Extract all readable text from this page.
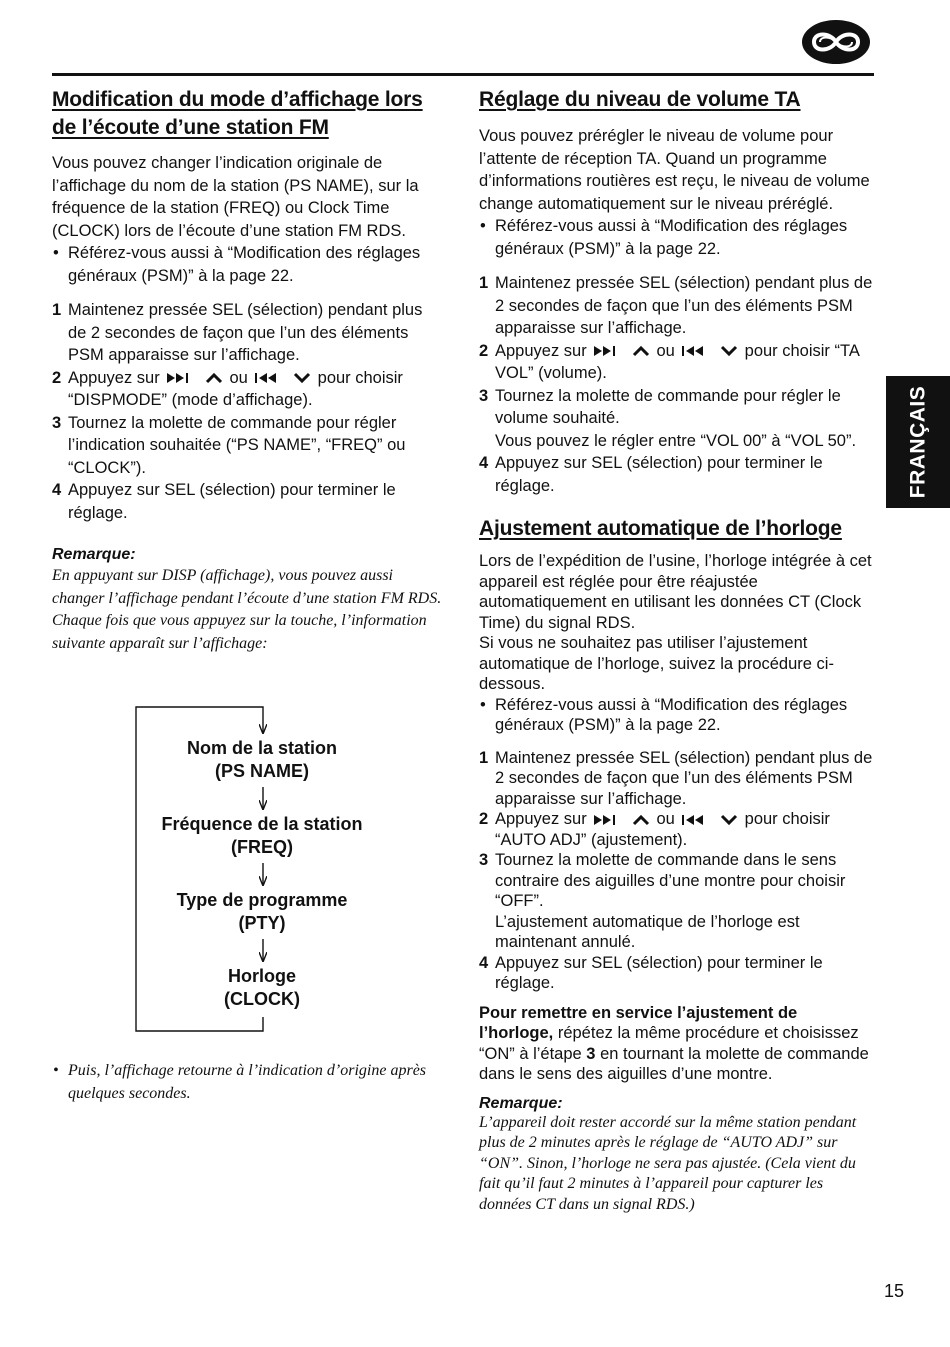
FRANÇAIS
Modification du mode d’affichage lors
de l’écoute d’une station FM

Vous pouvez changer l’indication originale de l’affichage du nom de la station (PS NAME), sur la fréquence de la station (FREQ) ou Clock Time (CLOCK) lors de l’écoute d’une station FM RDS.

• Référez-vous aussi à “Modification des réglages généraux (PSM)” à la page 22.
1 Maintenez pressée SEL (sélection) pendant plus de 2 secondes de façon que l’un des éléments PSM apparaisse sur l’affichage.
2 Appuyez sur	ou	pour choisir “DISPMODE” (mode d’affichage).
3 Tournez la molette de commande pour régler l’indication souhaitée (“PS NAME”, “FREQ” ou “CLOCK”).
4 Appuyez sur SEL (sélection) pour terminer le réglage.

Remarque:

En appuyant sur DISP (affichage), vous pouvez aussi changer l’affichage pendant l’écoute d’une station FM RDS.

Chaque fois que vous appuyez sur la touche, l’information suivante apparaît sur l’affichage:

Nom de la station
(PS NAME)
Fréquence de la station
(FREQ)
Type de programme
(PTY)
Horloge
(CLOCK)
• Puis, l’affichage retourne à l’indication d’origine après quelques secondes.
Réglage du niveau de volume TA

Vous pouvez prérégler le niveau de volume pour l’attente de réception TA. Quand un programme d’informations routières est reçu, le niveau de volume change automatiquement sur le niveau préréglé.

• Référez-vous aussi à “Modification des réglages généraux (PSM)” à la page 22.
1 Maintenez pressée SEL (sélection) pendant plus de 2 secondes de façon que l’un des éléments PSM apparaisse sur l’affichage.
2 Appuyez sur	ou	pour choisir “TA VOL” (volume).
3 Tournez la molette de commande pour régler le volume souhaité.
Vous pouvez le régler entre “VOL 00” à “VOL 50”.
4 Appuyez sur SEL (sélection) pour terminer le réglage.
Ajustement automatique de l’horloge

Lors de l’expédition de l’usine, l’horloge intégrée à cet appareil est réglée pour être réajustée automatiquement en utilisant les données CT (Clock Time) du signal RDS.

Si vous ne souhaitez pas utiliser l’ajustement automatique de l’horloge, suivez la procédure ci-dessous.

• Référez-vous aussi à “Modification des réglages généraux (PSM)” à la page 22.
1 Maintenez pressée SEL (sélection) pendant plus de 2 secondes de façon que l’un des éléments PSM apparaisse sur l’affichage.
2 Appuyez sur	ou	pour choisir “AUTO ADJ” (ajustement).
3 Tournez la molette de commande dans le sens contraire des aiguilles d’une montre pour choisir “OFF”.
L’ajustement automatique de l’horloge est maintenant annulé.
4 Appuyez sur SEL (sélection) pour terminer le réglage.

Pour remettre en service l’ajustement de l’horloge, répétez la même procédure et choisissez “ON” à l’étape 3 en tournant la molette de commande dans le sens des aiguilles d’une montre.

Remarque:

L’appareil doit rester accordé sur la même station pendant plus de 2 minutes après le réglage de “AUTO ADJ” sur “ON”. Sinon, l’horloge ne sera pas ajustée. (Cela vient du fait qu’il faut 2 minutes à l’appareil pour capturer les données CT dans un signal RDS.)

15
